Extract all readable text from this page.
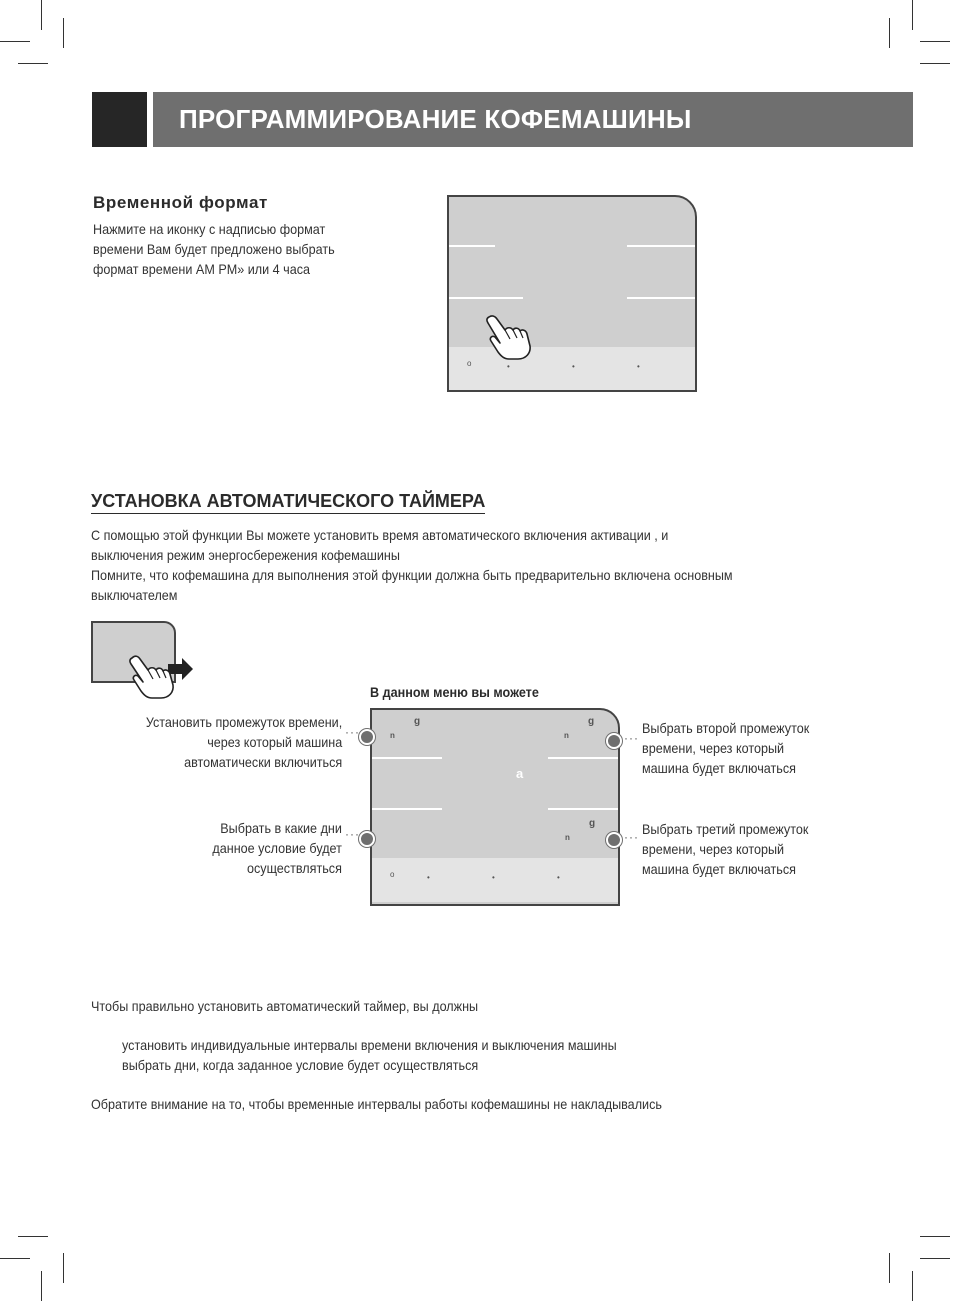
ПРОГРАММИРОВАНИЕ КОФЕМАШИНЫ
Временной формат
Нажмите на иконку с надписью формат
времени Вам будет предложено выбрать
формат времени AM PM» или 4 часа
o	•	•	•
УСТАНОВКА АВТОМАТИЧЕСКОГО ТАЙМЕРА
С помощью этой функции Вы можете установить время автоматического включения активации , и
выключения режим энергосбережения кофемашины
Помните, что кофемашина для выполнения этой функции должна быть предварительно включена основным
выключателем
В данном меню вы можете
g
n
g
n
a
g
n
o	•	•	•
···
···
···
···
Установить промежуток времени,
через который машина
автоматически включиться
Выбрать в какие дни
данное условие будет
осуществляться
Выбрать второй промежуток
времени, через который
машина будет включаться
Выбрать третий промежуток
времени, через который
машина будет включаться
Чтобы правильно установить автоматический таймер, вы должны
установить индивидуальные интервалы времени включения и выключения машины
выбрать дни, когда заданное условие будет осуществляться
Обратите внимание на то, чтобы временные интервалы работы кофемашины не накладывались
